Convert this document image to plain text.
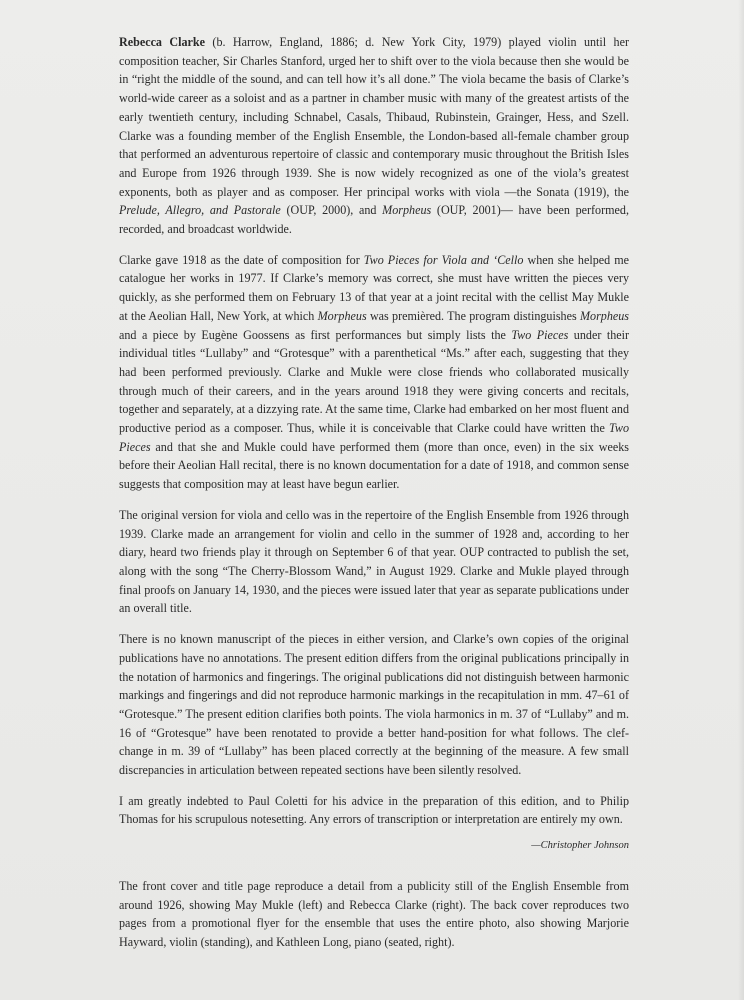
Rebecca Clarke (b. Harrow, England, 1886; d. New York City, 1979) played violin until her composition teacher, Sir Charles Stanford, urged her to shift over to the viola because then she would be in “right the middle of the sound, and can tell how it’s all done.” The viola became the basis of Clarke’s world-wide career as a soloist and as a partner in chamber music with many of the greatest artists of the early twentieth century, including Schnabel, Casals, Thibaud, Rubinstein, Grainger, Hess, and Szell. Clarke was a founding member of the English Ensemble, the London-based all-female chamber group that performed an adventurous repertoire of classic and contemporary music throughout the British Isles and Europe from 1926 through 1939. She is now widely recognized as one of the viola’s greatest exponents, both as player and as composer. Her principal works with viola —the Sonata (1919), the Prelude, Allegro, and Pastorale (OUP, 2000), and Morpheus (OUP, 2001)— have been performed, recorded, and broadcast worldwide.

Clarke gave 1918 as the date of composition for Two Pieces for Viola and ‘Cello when she helped me catalogue her works in 1977. If Clarke’s memory was correct, she must have written the pieces very quickly, as she performed them on February 13 of that year at a joint recital with the cellist May Mukle at the Aeolian Hall, New York, at which Morpheus was premièred. The program distinguishes Morpheus and a piece by Eugène Goossens as first performances but simply lists the Two Pieces under their individual titles “Lullaby” and “Grotesque” with a parenthetical “Ms.” after each, suggesting that they had been performed previously. Clarke and Mukle were close friends who collaborated musically through much of their careers, and in the years around 1918 they were giving concerts and recitals, together and separately, at a dizzying rate. At the same time, Clarke had embarked on her most fluent and productive period as a composer. Thus, while it is conceivable that Clarke could have written the Two Pieces and that she and Mukle could have performed them (more than once, even) in the six weeks before their Aeolian Hall recital, there is no known documentation for a date of 1918, and common sense suggests that composition may at least have begun earlier.

The original version for viola and cello was in the repertoire of the English Ensemble from 1926 through 1939. Clarke made an arrangement for violin and cello in the summer of 1928 and, according to her diary, heard two friends play it through on September 6 of that year. OUP contracted to publish the set, along with the song “The Cherry-Blossom Wand,” in August 1929. Clarke and Mukle played through final proofs on January 14, 1930, and the pieces were issued later that year as separate publications under an overall title.

There is no known manuscript of the pieces in either version, and Clarke’s own copies of the original publications have no annotations. The present edition differs from the original publications principally in the notation of harmonics and fingerings. The original publications did not distinguish between harmonic markings and fingerings and did not reproduce harmonic markings in the recapitulation in mm. 47–61 of “Grotesque.” The present edition clarifies both points. The viola harmonics in m. 37 of “Lullaby” and m. 16 of “Grotesque” have been renotated to provide a better hand-position for what follows. The clef-change in m. 39 of “Lullaby” has been placed correctly at the beginning of the measure. A few small discrepancies in articulation between repeated sections have been silently resolved.

I am greatly indebted to Paul Coletti for his advice in the preparation of this edition, and to Philip Thomas for his scrupulous notesetting. Any errors of transcription or interpretation are entirely my own.

—Christopher Johnson
The front cover and title page reproduce a detail from a publicity still of the English Ensemble from around 1926, showing May Mukle (left) and Rebecca Clarke (right). The back cover reproduces two pages from a promotional flyer for the ensemble that uses the entire photo, also showing Marjorie Hayward, violin (standing), and Kathleen Long, piano (seated, right).
